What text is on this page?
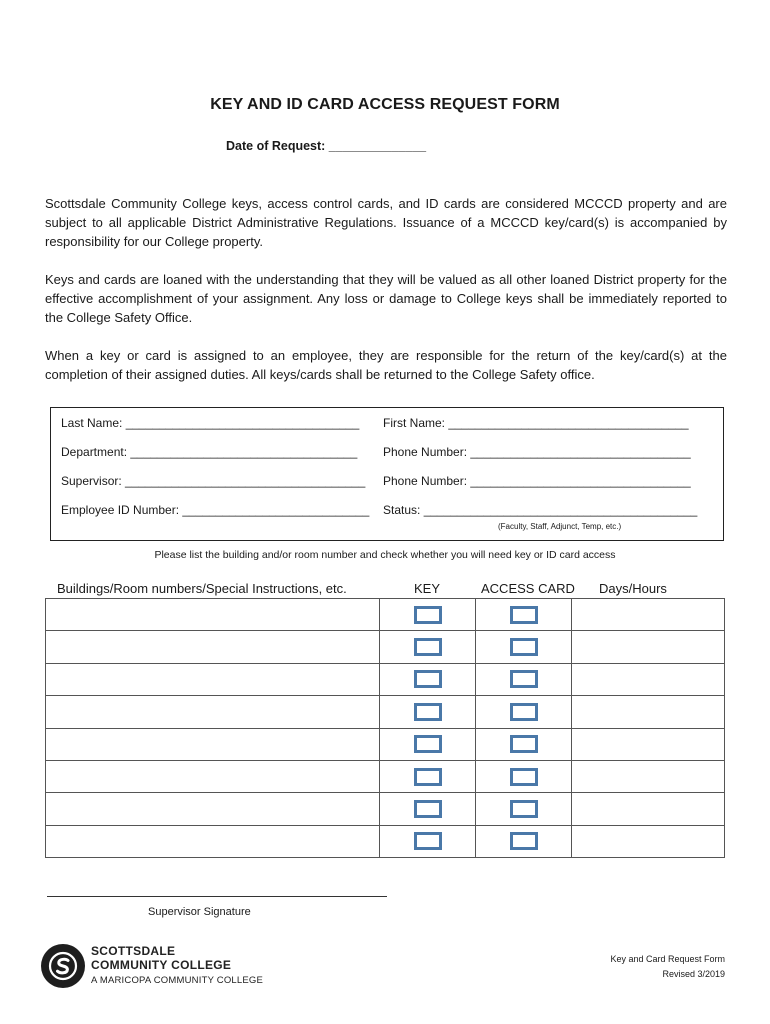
KEY AND ID CARD ACCESS REQUEST FORM
Date of Request: ______________

Scottsdale Community College keys, access control cards, and ID cards are considered MCCCD property and are subject to all applicable District Administrative Regulations. Issuance of a MCCCD key/card(s) is accompanied by responsibility for our College property.

Keys and cards are loaned with the understanding that they will be valued as all other loaned District property for the effective accomplishment of your assignment. Any loss or damage to College keys shall be immediately reported to the College Safety Office.

When a key or card is assigned to an employee, they are responsible for the return of the key/card(s) at the completion of their assigned duties. All keys/cards shall be returned to the College Safety office.

Last Name: ___________________________________ First Name: ____________________________________
Department: __________________________________ Phone Number: _________________________________
Supervisor: ____________________________________ Phone Number: _________________________________
Employee ID Number: ____________________________ Status: _________________________________________
(Faculty, Staff, Adjunct, Temp, etc.)
Please list the building and/or room number and check whether you will need key or ID card access
Buildings/Room numbers/Special Instructions, etc.	KEY	ACCESS CARD Days/Hours

Supervisor Signature
SCOTTSDALE
COMMUNITY COLLEGE
A MARICOPA COMMUNITY COLLEGE
Key and Card Request Form
Revised 3/2019
